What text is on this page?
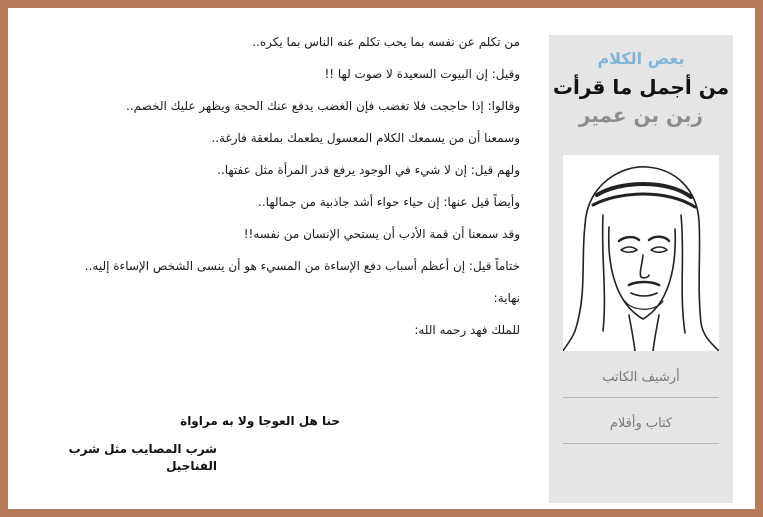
من تكلم عن نفسه بما يحب تكلم عنه الناس بما يكره..

وقيل: إن البيوت السعيدة لا صوت لها !!

وقالوا: إذا حاججت فلا تغضب فإن الغضب يدفع عنك الحجة ويظهر عليك الخصم..

وسمعنا أن من يسمعك الكلام المعسول يطعمك بملعقة فارغة..

ولهم قيل: إن لا شيء في الوجود يرفع قدر المرأة مثل عفتها..

وأيضاً قيل عنها: إن حياء حواء أشد جاذبية من جمالها..

وقد سمعنا أن قمة الأدب أن يستحي الإنسان من نفسه!!

ختاماً قيل: إن أعظم أسباب دفع الإساءة من المسيء هو أن ينسى الشخص الإساءة إليه..

نهاية:

للملك فهد رحمه الله:

حنا هل العوجا ولا به مراواة
شرب المصايب مثل شرب الفناجيل
بعض الكلام
من أجمل ما قرأت
زبن بن عمير
أرشيف الكاتب
كتاب وأقلام
